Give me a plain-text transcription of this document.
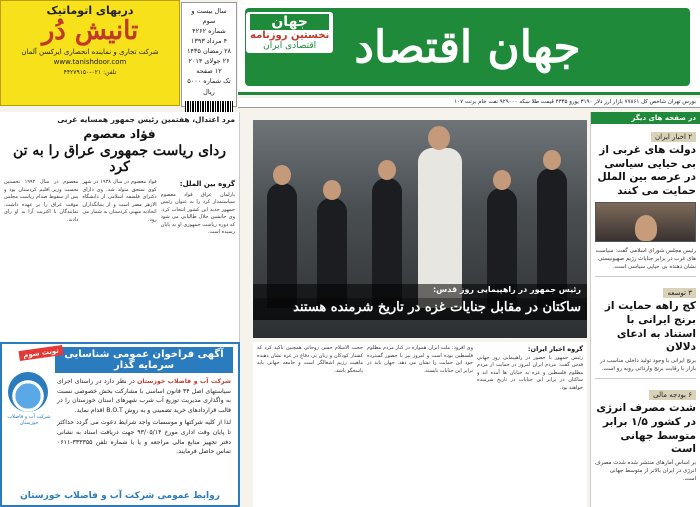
دربهای اتوماتیک
تانیش دُر
شرکت تجاری و نماینده انحصاری ایرکسن آلمان
www.tanishdoor.com
تلفن: ۰۲۱-۴۴۲۷۹۱۵۰
سال بیست و سوم
شماره ۴۲۶۲
۴ مرداد ۱۳۹۳
۲۸ رمضان ۱۴۳۵
۲۶ جولای ۲۰۱۴
۱۲ صفحه
تک شماره ۵۰۰۰ ریال
جهان اقتصاد
جهان
نخستین روزنامه
اقتصادی ایران
بورس تهران شاخص کل ۷۷۸۶۱ بازار ارز دلار ۳۱۹۰ یورو ۴۳۳۵ قیمت طلا سکه ۹۲۹۰۰۰ نفت خام برنت ۱۰۷
در صفحه های دیگر
۲ اخبار ایران
دولت های غربی از بی حیایی سیاسی در عرصه بین الملل حمایت می کنند
رئیس مجلس شورای اسلامی گفت: سیاست های غرب در برابر جنایات رژیم صهیونیستی نشان دهنده بی حیایی سیاسی است.
۳ توسعه
کج راهه حمایت از برنج ایرانی با استناد به ادعای دلالان
برنج ایرانی با وجود تولید داخلی مناسب در بازار با رقابت برنج وارداتی روبه رو است.
۶ بودجه مالی
شدت مصرف انرژی در کشور ۱/۵ برابر متوسط جهانی است
بر اساس آمارهای منتشر شده شدت مصرف انرژی در ایران بالاتر از متوسط جهانی است.
رئیس جمهور در راهپیمایی روز قدس:
ساکتان در مقابل جنایات غزه در تاریخ شرمنده هستند
مرد اعتدال، هفتمین رئیس جمهور همسایه غربی
فؤاد معصوم
ردای ریاست جمهوری عراق را به تن کرد
گروه بین الملل:
پارلمان عراق فواد معصوم سیاستمدار کرد را به عنوان رئیس جمهور جدید این کشور انتخاب کرد. وی جانشین جلال طالبانی می شود که دوره ریاست جمهوری او به پایان رسیده است.
فواد معصوم در سال ۱۹۳۸ در شهر کوی سنجق متولد شد. وی دارای دکترای فلسفه اسلامی از دانشگاه الازهر مصر است و از بنیانگذاران اتحادیه میهنی کردستان به شمار می رود.
معصوم در سال ۱۹۹۲ نخستین نخست وزیر اقلیم کردستان بود و پس از سقوط صدام ریاست مجلس موقت عراق را بر عهده داشت. نمایندگان با اکثریت آرا به او رای دادند.
گروه اخبار ایران:
رئیس جمهور با حضور در راهپیمایی روز جهانی قدس گفت: مردم ایران امروز در حمایت از مردم مظلوم فلسطین و غزه به خیابان ها آمده اند و ساکتان در برابر این جنایات در تاریخ شرمنده خواهند بود.
وی افزود: ملت ایران همواره در کنار مردم مظلوم فلسطین بوده است و امروز نیز با حضور گسترده خود این حمایت را نشان می دهد. جهان باید در برابر این جنایات بایستد.
حجت الاسلام حسن روحانی همچنین تاکید کرد که کشتار کودکان و زنان بی دفاع در غزه نشان دهنده ماهیت رژیم اشغالگر است و جامعه جهانی باید پاسخگو باشد.
نوبت سوم آگهی فراخوان عمومی شناسایی سرمایه گذار
شرکت آب و فاضلاب خوزستان
شرکت آب و فاضلاب خوزستان در نظر دارد در راستای اجرای سیاستهای اصل ۴۴ قانون اساسی با مشارکت بخش خصوصی نسبت به واگذاری مدیریت توزیع آب شرب شهرهای استان خوزستان را در قالب قراردادهای خرید تضمینی و به روش B.O.T اقدام نماید.
لذا از کلیه شرکتها و موسسات واجد شرایط دعوت می گردد حداکثر تا پایان وقت اداری مورخ ۹۳/۰۵/۱۴ جهت دریافت اسناد به نشانی دفتر تجهیز منابع مالی مراجعه و یا با شماره تلفن ۳۳۳۳۵۵-۰۶۱۱ تماس حاصل فرمایند.
روابط عمومی شرکت آب و فاضلاب خوزستان
